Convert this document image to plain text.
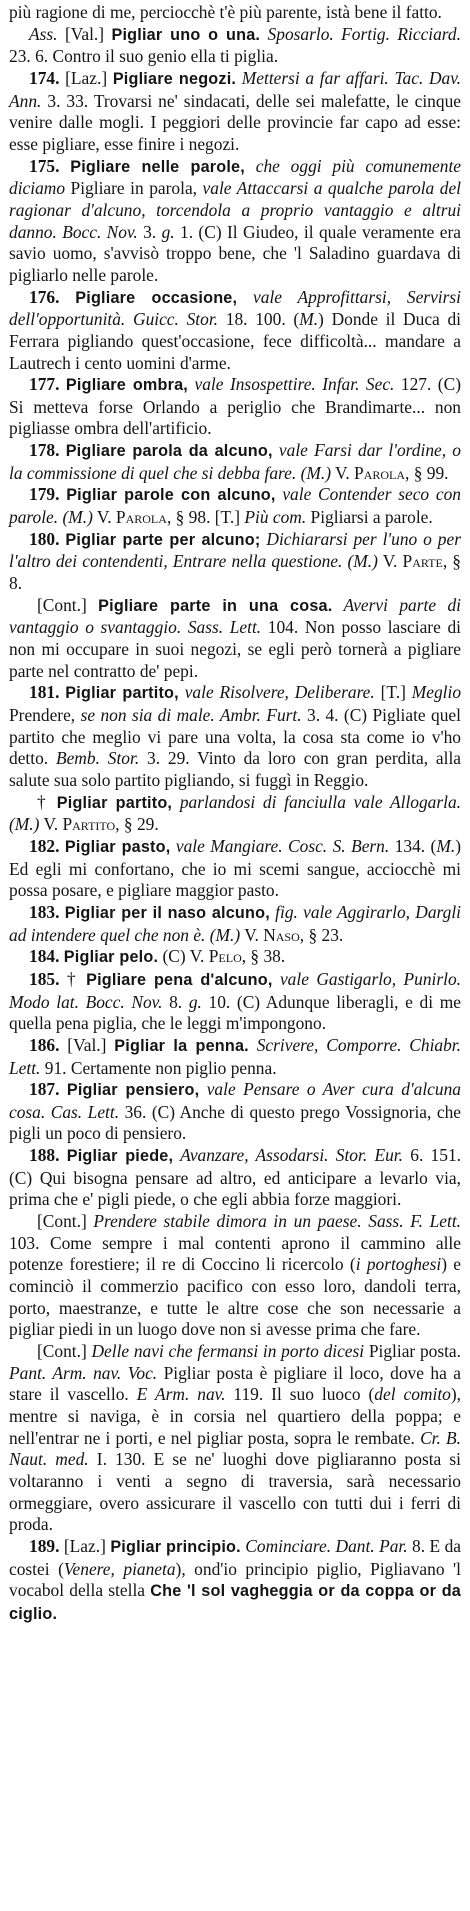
più ragione di me, perciocchè t'è più parente, istà bene il fatto.

Ass. [Val.] Pigliar uno o una. Sposarlo. Fortig. Ricciard. 23. 6. Contro il suo genio ella ti piglia.

174. [Laz.] Pigliare negozi. Mettersi a far affari. Tac. Dav. Ann. 3. 33. Trovarsi ne' sindacati, delle sei malefatte, le cinque venire dalle mogli. I peggiori delle provincie far capo ad esse: esse pigliare, esse finire i negozi.

175. Pigliare nelle parole, che oggi più comunemente diciamo Pigliare in parola, vale Attaccarsi a qualche parola del ragionar d'alcuno, torcendola a proprio vantaggio e altrui danno. Bocc. Nov. 3. g. 1. (C) Il Giudeo, il quale veramente era savio uomo, s'avvisò troppo bene, che 'l Saladino guardava di pigliarlo nelle parole.

176. Pigliare occasione, vale Approfittarsi, Servirsi dell'opportunità. Guicc. Stor. 18. 100. (M.) Donde il Duca di Ferrara pigliando quest'occasione, fece difficoltà... mandare a Lautrech i cento uomini d'arme.

177. Pigliare ombra, vale Insospettire. Infar. Sec. 127. (C) Si metteva forse Orlando a periglio che Brandimarte... non pigliasse ombra dell'artificio.

178. Pigliare parola da alcuno, vale Farsi dar l'ordine, o la commissione di quel che si debba fare. (M.) V. Parola, § 99.

179. Pigliar parole con alcuno, vale Contender seco con parole. (M.) V. Parola, § 98. [T.] Più com. Pigliarsi a parole.

180. Pigliar parte per alcuno; Dichiararsi per l'uno o per l'altro dei contendenti, Entrare nella questione. (M.) V. Parte, § 8.

[Cont.] Pigliare parte in una cosa. Avervi parte di vantaggio o svantaggio. Sass. Lett. 104. Non posso lasciare di non mi occupare in suoi negozi, se egli però tornerà a pigliare parte nel contratto de' pepi.

181. Pigliar partito, vale Risolvere, Deliberare. [T.] Meglio Prendere, se non sia di male. Ambr. Furt. 3. 4. (C) Pigliate quel partito che meglio vi pare una volta, la cosa sta come io v'ho detto. Bemb. Stor. 3. 29. Vinto da loro con gran perdita, alla salute sua solo partito pigliando, si fuggì in Reggio.

† Pigliar partito, parlandosi di fanciulla vale Allogarla. (M.) V. Partito, § 29.

182. Pigliar pasto, vale Mangiare. Cosc. S. Bern. 134. (M.) Ed egli mi confortano, che io mi scemi sangue, acciocchè mi possa posare, e pigliare maggior pasto.

183. Pigliar per il naso alcuno, fig. vale Aggirarlo, Dargli ad intendere quel che non è. (M.) V. Naso, § 23.

184. Pigliar pelo. (C) V. Pelo, § 38.

185. † Pigliare pena d'alcuno, vale Gastigarlo, Punirlo. Modo lat. Bocc. Nov. 8. g. 10. (C) Adunque liberagli, e di me quella pena piglia, che le leggi m'impongono.

186. [Val.] Pigliar la penna. Scrivere, Comporre. Chiabr. Lett. 91. Certamente non piglio penna.

187. Pigliar pensiero, vale Pensare o Aver cura d'alcuna cosa. Cas. Lett. 36. (C) Anche di questo prego Vossignoria, che pigli un poco di pensiero.

188. Pigliar piede, Avanzare, Assodarsi. Stor. Eur. 6. 151. (C) Qui bisogna pensare ad altro, ed anticipare a levarlo via, prima che e' pigli piede, o che egli abbia forze maggiori.

[Cont.] Prendere stabile dimora in un paese. Sass. F. Lett. 103. Come sempre i mal contenti aprono il cammino alle potenze forestiere; il re di Coccino li ricercolo (i portoghesi) e cominciò il commerzio pacifico con esso loro, dandoli terra, porto, maestranze, e tutte le altre cose che son necessarie a pigliar piedi in un luogo dove non si avesse prima che fare.

[Cont.] Delle navi che fermansi in porto dicesi Pigliar posta. Pant. Arm. nav. Voc. Pigliar posta è pigliare il loco, dove ha a stare il vascello. E Arm. nav. 119. Il suo luoco (del comito), mentre si naviga, è in corsia nel quartiero della poppa; e nell'entrar ne i porti, e nel pigliar posta, sopra le rembate. Cr. B. Naut. med. I. 130. E se ne' luoghi dove pigliaranno posta si voltaranno i venti a segno di traversia, sarà necessario ormeggiare, overo assicurare il vascello con tutti dui i ferri di proda.

189. [Laz.] Pigliar principio. Cominciare. Dant. Par. 8. E da costei (Venere, pianeta), ond'io principio piglio, Pigliavano 'l vocabol della stella Che 'l sol vagheggia or da coppa or da ciglio.
